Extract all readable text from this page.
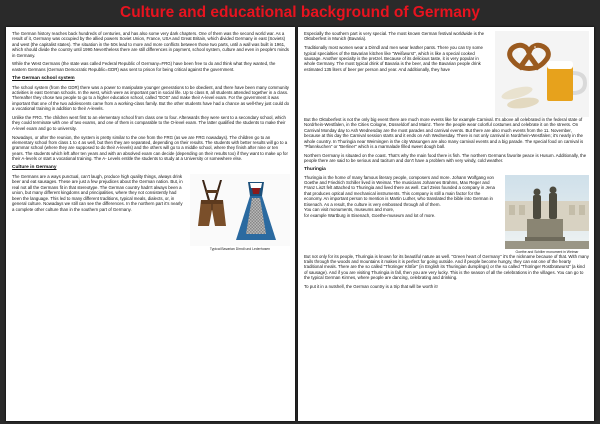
Culture and educational background of Germany

The German history reaches back hundreds of centuries, and has also some very dark chapters. One of them was the second world war. As a result of it, Germany was occupied by the allied powers Soviet Union, France, USA and Great Britain, which divided Germany in east (Soviets) and west (the capitalist states). The situation in the 50s lead to more and more conflicts between those two parts, until a wall was built in 1961, which should divide the country until 1990.Nevertheless there are still differences in payment, school system, culture and even in people's minds in Germany.

While the West Germans (the state was called Federal Republic of Germany=FRG) have been free to do and think what they wanted, the eastern Germans (German Democratic Republic=GDR) was sent to prison for being critical against the government.

The German school system

The school system (from the GDR) there was a power to manipulate younger generations to be obedient, and there have been many community activities in east German schools. In the west, which were as important part in social life. Up to class 8, all students attended together in a class. Thereafter they chose two people to go to a higher education school, called "EOS" and make their A-level exam. For the government it was important that one of the two adolescents came from a working-class family. But the other students have had a chance as well-they just could do a vocational training in addition to their A-levels.

Unlike the FRG. The children went first to an elementary school from class one to four. Afterwards they were sent to a secondary school, which they could terminate with one of two exams, and one of them is comparable to the O-level exam. The latter qualified the students to make their A-level exam and go to university.

Nowadays, or after the reunion, the system is pretty similar to the one from the FRG (as we are FRG nowadays). The children go to an elementary school from class 1 to 4 as well, but then they are separated, depending on their results. The students with better results will go to a grammar school (where they are supposed to do their A-levels) and the others will go to a middle school, where they finish after nine or ten years. The students which left after ten years and with an absolved exam can decide (depending on their results too) if they want to make up for their A-levels or start a vocational training. The A- Levels entitle the students to study at a University or somewhere else.

Culture in Germany

The Germans are a ways punctual, can't laugh, produce high quality things, always drink beer and eat sausages. These are just a few prejudices about the German nation. But, in real not all the Germans fit in that stereotype. The German country hadn't always been a union, but many different kingdoms and principalities, where they not consistently had been the language. This led to many different traditions, typical meals, dialects, or, in general culture. Nowadays we still can see the differences. In the northern part it's nearly a complete other culture than in the southern part of Germany.

Typical Bavarian Dirndl und Lederhosen

Especially the southern part is very special. The most known German festival worldwide is the Oktoberfest in Munich (Bavaria).

Traditionally most women wear a Dirndl and men wear leather pants. There you can try some typical specialties of the Bavarian kitchen like "Weißwurst", which is like a special cooked sausage. Another specialty is the pretzel. Because of its delicious taste, it is very popular in whole Germany. The most typical drink of Bavaria is the beer, and the Bavarian people drink estimated 135 liters of beer per person and year. And additionally, they have

But the Oktoberfest is not the only big event there are much more events like for example Carnival. It's above all celebrated in the federal state of Nordrhein-Westfalen, in the Cities Cologne, Düsseldorf and Mainz. There the people wear colorful costumes and celebrate it on the streets. On Carnival Monday day to Ash Wednesday are the most parades and carnival events. But there are also much events from the 11. November, because at this day the Carnival session starts and it ends on Ash Wednesday. There is not only carnival in Nordrhein-Westfalen; it's nearly in the whole country. In Thuringia near Weimingen in the city Wasungen are also many carnival events and a big parade. The special food on carnival is "Pfannkuchen" or "Berliner" which is a marmalade filled sweet dough ball.

Northern Germany is situated on the coast. That's why the main food there is fish. The northern Germans favorite peace is Husum. Additionally, the people there are said to be serious and taciturn and don't have a problem with very windy, cold weather.

Thuringia

Thuringia is the home of many famous literary people, composers and more. Johann Wolfgang von Goethe and Friedrich Schiller lived in Weimar. The musicians Johannes Brahms, Max Reger and Franz Liszt felt attached to Thuringia and lived there as well. Carl Zeiss founded a company in Jena that produces optical and mechanical instruments. This company is still a main factor for the economy. An important person to mention is Martin Luther, who translated the bible into German in Eisenach. As a result, the culture is very embossed through all of them.

You can visit monuments, museums and more,

for example Wartburg in Eisenach, Goethe-museum and lot of more.

Goethe and Schiller monument in Weimar

But not only for its people, Thuringia is known for its beautiful nature as well. "Green heart of Germany" it's the nickname because of that. With many trails through the woods and mountains it makes it is perfect for going outside. And if people become hungry, they can eat one of the hearty traditional meals. There are the so called "Thüringer Klöße" (in English its Thuringian dumplings) or the so called "Thüringer Rostbratwurst" (a kind of sausage). And if you are visiting Thuringia in fall, then you are very lucky. This is the season of all the celebrations in the villages. You can go to the typical German Kirmes, where people are dancing, celebrating and drinking.

To put it in a nutshell, the German country is a trip that will be worth it!
